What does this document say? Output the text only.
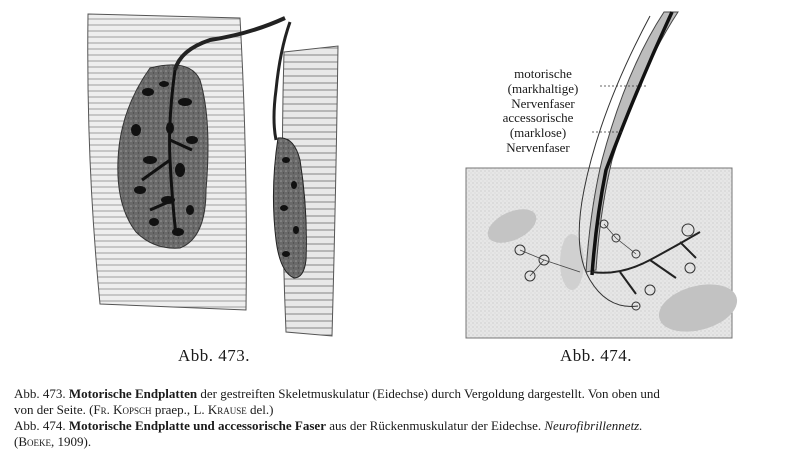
motorische
(markhaltige)
Nervenfaser
accessorische
(marklose)
Nervenfaser
Abb. 473.	Abb. 474.
Abb. 473. Motorische Endplatten der gestreiften Skeletmuskulatur (Eidechse) durch Vergoldung dargestellt. Von oben und
von der Seite. (Fr. Kopsch praep., L. Krause del.)
Abb. 474. Motorische Endplatte und accessorische Faser aus der Rückenmuskulatur der Eidechse. Neurofibrillennetz.
(Boeke, 1909).
